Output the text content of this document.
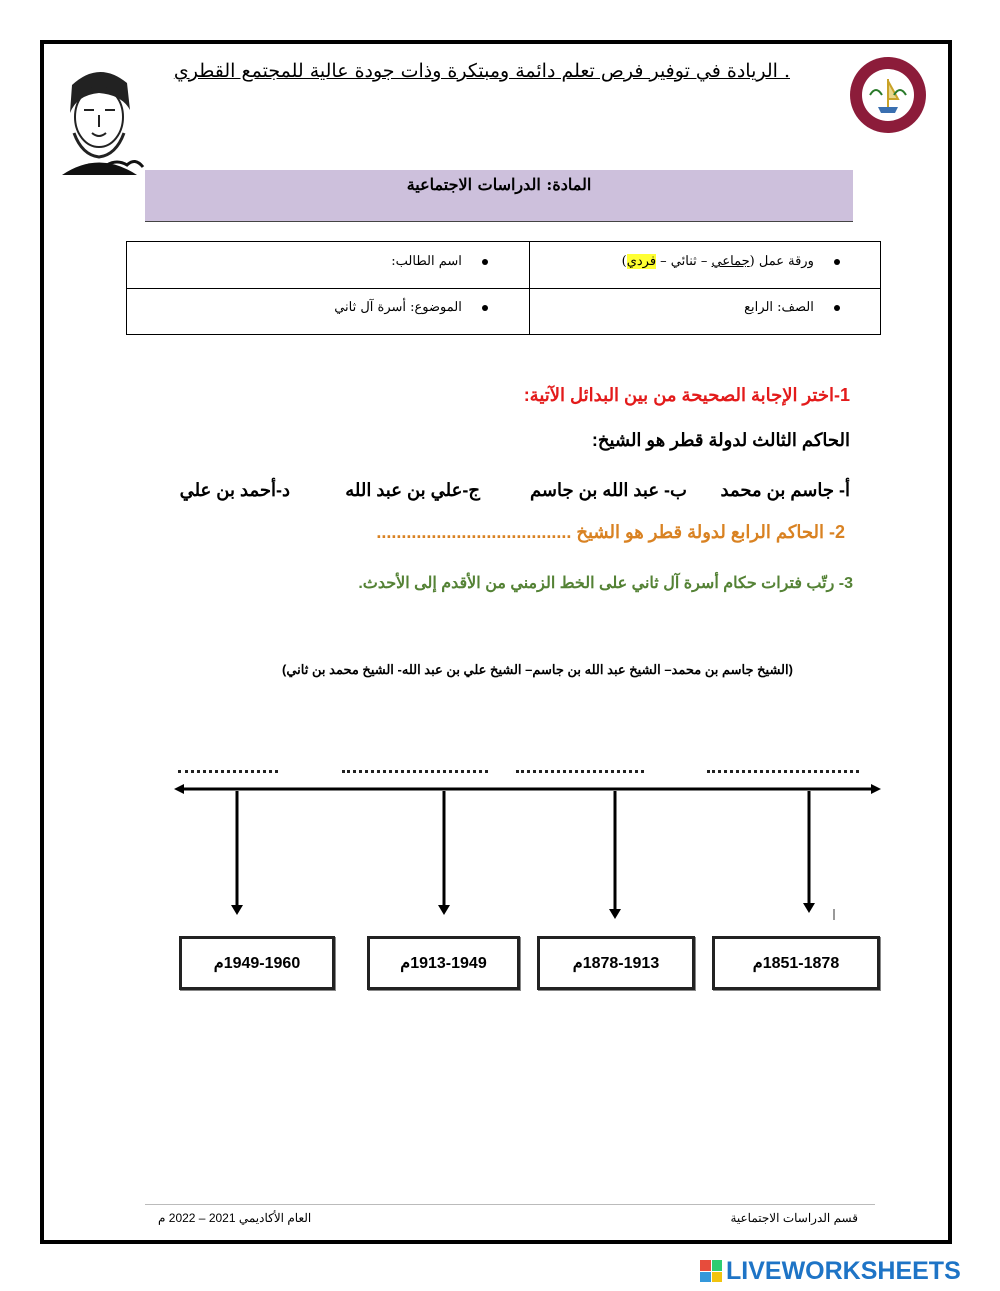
. الريادة في توفير فرص تعلم دائمة ومبتكرة وذات جودة عالية للمجتمع القطري
المادة: الدراسات الاجتماعية
ورقة عمل (جماعي – ثنائي – فردي)
اسم الطالب:
الصف: الرابع
الموضوع: أسرة آل ثاني
1-اختر الإجابة الصحيحة من بين البدائل الآتية:
الحاكم الثالث لدولة قطر هو الشيخ:
أ- جاسم بن محمد
ب- عبد الله بن جاسم
ج-علي بن عبد الله
د-أحمد بن علي
2- الحاكم الرابع لدولة قطر هو الشيخ .......................................
3- رتّب فترات حكام أسرة آل ثاني على الخط الزمني من الأقدم إلى الأحدث.
(الشيخ جاسم بن محمد– الشيخ عبد الله بن جاسم– الشيخ علي بن عبد الله- الشيخ محمد بن ثاني)
1851-1878م
1878-1913م
1913-1949م
1949-1960م
قسم الدراسات الاجتماعية
العام الأكاديمي 2021 – 2022 م
LIVEWORKSHEETS
